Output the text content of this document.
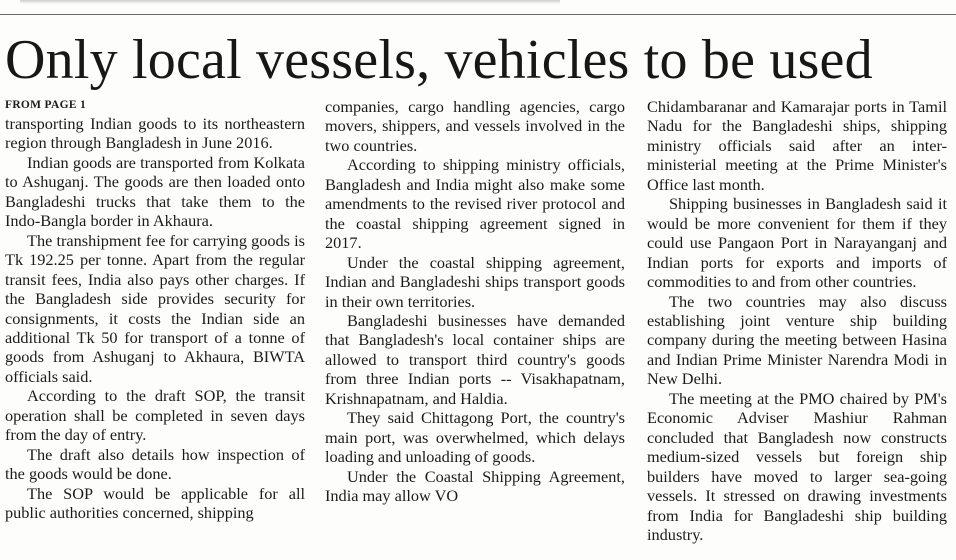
Only local vessels, vehicles to be used
FROM PAGE 1

transporting Indian goods to its northeastern region through Bangladesh in June 2016.

Indian goods are transported from Kolkata to Ashuganj. The goods are then loaded onto Bangladeshi trucks that take them to the Indo-Bangla border in Akhaura.

The transhipment fee for carrying goods is Tk 192.25 per tonne. Apart from the regular transit fees, India also pays other charges. If the Bangladesh side provides security for consignments, it costs the Indian side an additional Tk 50 for transport of a tonne of goods from Ashuganj to Akhaura, BIWTA officials said.

According to the draft SOP, the transit operation shall be completed in seven days from the day of entry.

The draft also details how inspection of the goods would be done.

The SOP would be applicable for all public authorities concerned, shipping

companies, cargo handling agencies, cargo movers, shippers, and vessels involved in the two countries.

According to shipping ministry officials, Bangladesh and India might also make some amendments to the revised river protocol and the coastal shipping agreement signed in 2017.

Under the coastal shipping agreement, Indian and Bangladeshi ships transport goods in their own territories.

Bangladeshi businesses have demanded that Bangladesh's local container ships are allowed to transport third country's goods from three Indian ports -- Visakhapatnam, Krishnapatnam, and Haldia.

They said Chittagong Port, the country's main port, was overwhelmed, which delays loading and unloading of goods.

Under the Coastal Shipping Agreement, India may allow VO

Chidambaranar and Kamarajar ports in Tamil Nadu for the Bangladeshi ships, shipping ministry officials said after an inter-ministerial meeting at the Prime Minister's Office last month.

Shipping businesses in Bangladesh said it would be more convenient for them if they could use Pangaon Port in Narayanganj and Indian ports for exports and imports of commodities to and from other countries.

The two countries may also discuss establishing joint venture ship building company during the meeting between Hasina and Indian Prime Minister Narendra Modi in New Delhi.

The meeting at the PMO chaired by PM's Economic Adviser Mashiur Rahman concluded that Bangladesh now constructs medium-sized vessels but foreign ship builders have moved to larger sea-going vessels. It stressed on drawing investments from India for Bangladeshi ship building industry.
